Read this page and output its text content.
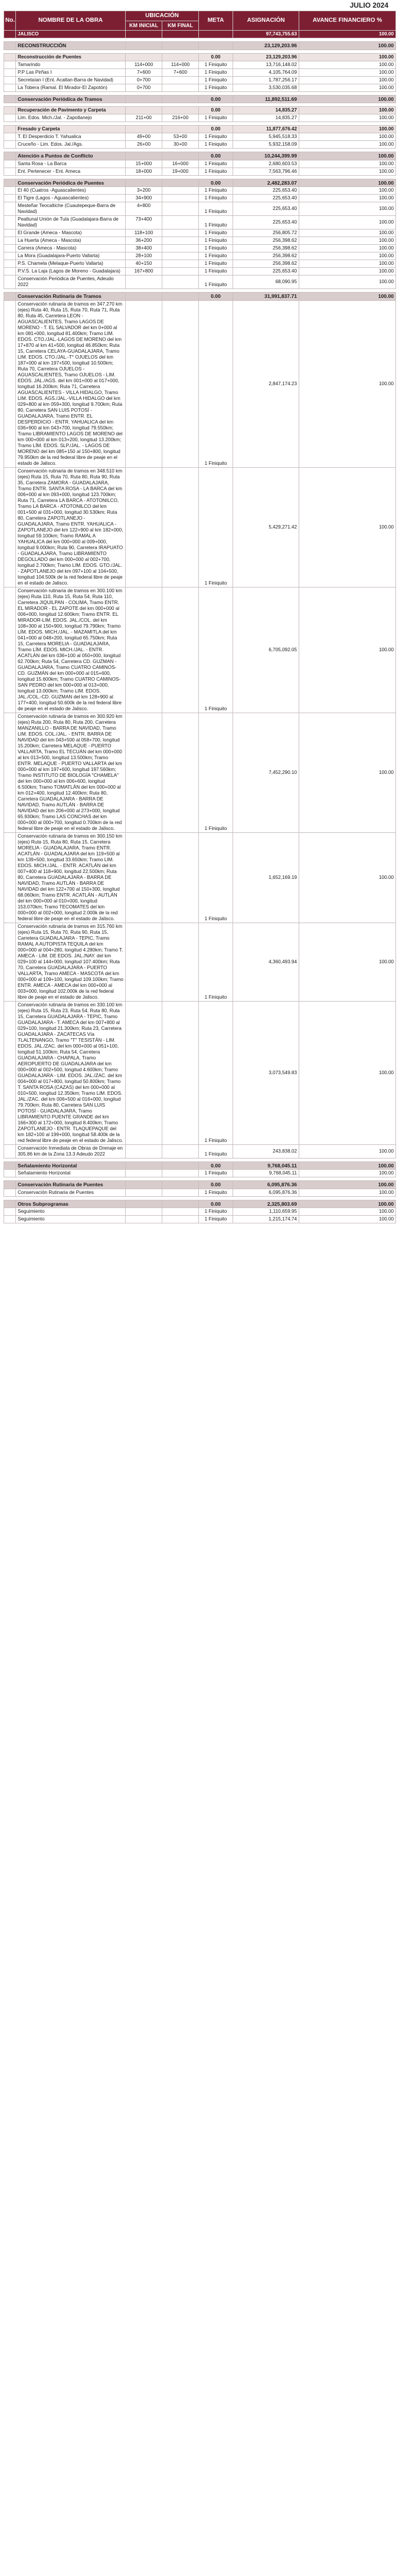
JULIO 2024
No.	NOMBRE DE LA OBRA	UBICACIÓN		META	ASIGNACIÓN	AVANCE FINANCIERO %
		KM INICIAL	KM FINAL			
	JALISCO				97,743,755.63	100.00

	RECONSTRUCCIÓN				23,129,203.96	100.00

	Reconstrucción de Puentes			0.00	23,129,203.96	100.00
	Tamarindo	114+000	114+000	1 Finiquito	13,716,148.02	100.00
	P.P Las Pirñas I	7+600	7+600	1 Finiquito	4,105,764.09	100.00
	Secretaían I (Ent. Acatlan-Barra de Navidad)	0+700		1 Finiquito	1,787,256.17	100.00
	La Tobera (Ramal. El Mirador-El Zapotón)	0+700		1 Finiquito	3,530,035.68	100.00

	Conservación Periódica de Tramos			0.00	11,892,511.69	100.00

	Recuperación de Pavimento y Carpeta			0.00	14,835.27	100.00
	Lim. Edos. Mich./Jal. - Zapotlanejo	211+00	216+00	1 Finiquito	14,835.27	100.00

	Fresado y Carpeta			0.00	11,877,676.42	100.00
	T. El Desperdicio T. Yahualica	49+00	53+00	1 Finiquito	5,945,518.33	100.00
	Cruceño - Lim. Edos. Jal./Ags.	26+00	30+00	1 Finiquito	5,932,158.09	100.00

	Atención a Puntos de Conflicto			0.00	10,244,399.99	100.00
	Santa Rosa - La Barca	15+000	16+000	1 Finiquito	2,680,603.53	100.00
	Ent. Pertenecer - Ent. Ameca	18+000	19+000	1 Finiquito	7,563,796.46	100.00

	Conservación Periódica de Puentes			0.00	2,482,283.07	100.00
	El 40 (Cuatros -Aguascalientes)	3+200		1 Finiquito	225,653.40	100.00
	El Tigre (Lagos - Aguascalientes)	34+900		1 Finiquito	225,653.40	100.00
	Mesteñar Teocaltiche (Cuautepeque-Barra de Navidad)	4+800		1 Finiquito	225,653.40	100.00
	Pealtunal Unión de Tula (Guadalajara-Barra de Navidad)	73+400		1 Finiquito	225,653.40	100.00
	El Grande (Ameca - Mascota)	118+100		1 Finiquito	256,805.72	100.00
	La Huerta (Ameca - Mascota)	36+200		1 Finiquito	256,398.62	100.00
	Carrera (Ameca - Mascota)	38+400		1 Finiquito	256,398.62	100.00
	La Mora (Guadalajara-Puerto Vallarta)	28+100		1 Finiquito	256,398.62	100.00
	P.S. Chamela (Melaque-Puerto Vallarta)	40+150		1 Finiquito	256,398.62	100.00
	P.V.S. La Laja (Lagos de Moreno - Guadalajara)	167+800		1 Finiquito	225,653.40	100.00
	Conservación Periódica de Puentes, Adeudo 2022			1 Finiquito	68,090.95	100.00

	Conservación Rutinaria de Tramos			0.00	31,991,837.71	100.00
	Conservación rutinaria de tramos en 347.270 km (ejes) Ruta 40, Ruta 15, Ruta 70, Ruta 71, Ruta 80, Ruta 45, Carretera LEON - AGUASCALIENTES, Tramo LAGOS DE MORENO - T. EL SALVADOR del km 0+000 al km 081+000, longitud 81.400km; Tramo LIM. EDOS. CTO./JAL.-LAGOS DE MORENO del km 17+870 al km 41+500, longitud 46.850km; Ruta 15, Carretera CELAYA-GUADALAJARA, Tramo LIM. EDOS. CTO./JAL.-T° OJUELOS del km 187+000 al km 197+500, longitud 10.500km; Ruta 70, Carretera OJUELOS - AGUASCALIENTES, Tramo OJUELOS - LIM. EDOS. JAL./AGS. del km 001+000 al 017+000, longitud 16.200km; Ruta 71, Carretera AGUASCALIENTES - VILLA HIDALGO, Tramo LIM. EDOS. AGS./JAL.-VILLA HIDALGO del km 029+800 al km 059+300, longitud 9.700km; Ruta 80, Carretera SAN LUIS POTOSÍ - GUADALAJARA, Tramo ENTR. EL DESPERDICIO - ENTR. YAHUALICA del km 036+900 al km 043+700, longitud 79.550km; Tramo LIBRAMIENTO LAGOS DE MORENO del km 000+000 al km 013+200, longitud 13.200km; Tramo LÍM. EDOS. SLP./JAL. - LAGOS DE MORENO del km 085+150 al 150+800, longitud 79.950km de la red federal libre de peaje en el estado de Jalisco.			1 Finiquito	2,847,174.23	100.00
	Conservación rutinaria de tramos en 348.510 km (ejes) Ruta 15, Ruta 70, Ruta 80, Ruta 90, Ruta 35, Carretera ZAMORA - GUADALAJARA, Tramo ENTR. SANTA ROSA - LA BARCA del km 006+000 al km 093+000, longitud 123.700km; Ruta 71, Carretera LA BARCA - ATOTONILCO, Tramo LA BARCA - ATOTONILCO del km 001+500 al 031+000, longitud 30.530km; Ruta 80, Carretera ZAPOTLANEJO - GUADALAJARA, Tramo ENTR. YAHUALICA - ZAPOTLANEJO del km 122+900 al km 182+000, longitud 59.100km; Tramo RAMAL A YAHUALICA del km 000+000 al 009+000, longitud 9.000km; Ruta 90, Carretera IRAPUATO - GUADALAJARA, Tramo LIBRAMIENTO DEGOLLADO del km 000+000 al 002+700, longitud 2.700km; Tramo LIM. EDOS. GTO./JAL. - ZAPOTLANEJO del km 097+100 al 104+500, longitud 104.500k de la red federal libre de peaje en el estado de Jalisco.			1 Finiquito	5,429,271.42	100.00
	Conservación rutinaria de tramos en 300.100 km (ejes) Ruta 110, Ruta 15, Ruta 54, Ruta 110, Carretera JIQUILPAN - COLIMA, Tramo ENTR. EL MIRADOR - EL ZAPOTE del km 000+000 al 006+000, longitud 12.600km; Tramo ENTR. EL MIRADOR-LIM. EDOS. JAL./COL. del km 108+300 al 150+900, longitud 79.790km; Tramo LÍM. EDOS. MICH./JAL. - MAZAMITLA del km 041+000 al 048+200, longitud 65.750km; Ruta 15, Carretera MORELIA - GUADALAJARA, Tramo LÍM. EDOS. MICH./JAL. - ENTR. ACATLÁN del km 036+100 al 050+000, longitud 62.700km; Ruta 54, Carretera CD. GUZMAN - GUADALAJARA, Tramo CUATRO CAMINOS-CD. GUZMÁN del km 000+000 al 015+600, longitud 15.600km; Tramo CUATRO CAMINOS-SAN PEDRO del km 000+000 al 013+000, longitud 13.000km; Tramo LIM. EDOS. JAL./COL.-CD. GUZMAN del km 128+900 al 177+400, longitud 50.600k de la red federal libre de peaje en el estado de Jalisco.			1 Finiquito	6,705,092.05	100.00
	Conservación rutinaria de tramos en 300.920 km (ejes) Ruta 200, Ruta 80, Ruta 200, Carretera MANZANILLO - BARRA DE NAVIDAD, Tramo LIM. EDOS. COL./JAL. - ENTR. BARRA DE NAVIDAD del km 043+500 al 058+700, longitud 15.200km; Carretera MELAQUE - PUERTO VALLARTA, Tramo EL TECUÁN del km 000+000 al km 013+500, longitud 13.500km; Tramo ENTR. MELAQUE - PUERTO VALLARTA del km 000+000 al km 197+600, longitud 197.560km; Tramo INSTITUTO DE BIOLOGÍA "CHAMELA" del km 000+000 al km 006+600, longitud 6.500km; Tramo TOMATLÁN del km 000+000 al km 012+400, longitud 12.400km; Ruta 80, Carretera GUADALAJARA - BARRA DE NAVIDAD, Tramo AUTLÁN - BARRA DE NAVIDAD del km 206+000 al 273+000, longitud 65.930km; Tramo LAS CONCHAS del km 000+000 al 000+700, longitud 0.700km de la red federal libre de peaje en el estado de Jalisco.			1 Finiquito	7,452,290.10	100.00
	Conservación rutinaria de tramos en 300.150 km (ejes) Ruta 15, Ruta 80, Ruta 15, Carretera MORELIA - GUADALAJARA, Tramo ENTR. ACATLÁN - GUADALAJARA del km 119+500 al km 139+500, longitud 33.650km; Tramo LIM. EDOS. MICH./JAL. - ENTR. ACATLÁN del km 007+400 al 118+900, longitud 22.500km; Ruta 80, Carretera GUADALAJARA - BARRA DE NAVIDAD, Tramo AUTLÁN - BARRA DE NAVIDAD del km 122+700 al 150+300, longitud 68.060km; Tramo ENTR. ACATLÁN - AUTLÁN del km 000+000 al 010+000, longitud 153.070km; Tramo TECOMATES del km 000+000 al 002+000, longitud 2.000k de la red federal libre de peaje en el estado de Jalisco.			1 Finiquito	1,652,169.19	100.00
	Conservación rutinaria de tramos en 315.760 km (ejes) Ruta 15, Ruta 70, Ruta 90, Ruta 15, Carretera GUADALAJARA - TEPIC, Tramo RAMAL A AUTOPISTA TEQUILA del km 000+000 al 004+280, longitud 4.280km; Tramo T. AMECA - LIM. DE EDOS. JAL./NAY. del km 029+100 al 144+000, longitud 107.400km; Ruta 70, Carretera GUADALAJARA - PUERTO VALLARTA, Tramo AMECA - MASCOTA del km 000+000 al 109+100, longitud 109.100km; Tramo ENTR. AMECA - AMECA del km 000+000 al 003+000, longitud 102.000k de la red federal libre de peaje en el estado de Jalisco.			1 Finiquito	4,360,493.94	100.00
	Conservación rutinaria de tramos en 330.100 km (ejes) Ruta 15, Ruta 23, Ruta 54, Ruta 80, Ruta 15, Carretera GUADALAJARA - TEPIC, Tramo GUADALAJARA - T. AMECA del km 007+800 al 029+100, longitud 21.300km; Ruta 23, Carretera GUADALAJARA - ZACATECAS Vía TLALTENANGO, Tramo "T" TESISTÁN - LIM. EDOS. JAL./ZAC. del km 000+000 al 051+100, longitud 51.100km; Ruta 54, Carretera GUADALAJARA - CHAPALA, Tramo AEROPUERTO DE GUADALAJARA del km 000+000 al 002+500, longitud 4.600km; Tramo GUADALAJARA - LIM. EDOS. JAL./ZAC. del km 004+000 al 017+800, longitud 50.800km; Tramo T. SANTA ROSA (CAZAS) del km 000+000 al 010+500, longitud 12.350km; Tramo LIM. EDOS. JAL./ZAC. del km 006+500 al 016+000, longitud 79.700km; Ruta 80, Carretera SAN LUIS POTOSÍ - GUADALAJARA, Tramo LIBRAMIENTO PUENTE GRANDE del km 166+300 al 172+000, longitud 8.400km; Tramo ZAPOTLANEJO - ENTR. TLAQUEPAQUE del km 182+100 al 199+000, longitud 58.400k de la red federal libre de peaje en el estado de Jalisco.			1 Finiquito	3,073,549.83	100.00
	Conservación Inmediata de Obras de Drenaje en 305.86 km de la Zona 13.3 Adeudo 2022			1 Finiquito	243,838.02	100.00

	Señalamiento Horizontal			0.00	9,768,045.11	100.00
	Señalamiento Horizontal			1 Finiquito	9,768,045.11	100.00

	Conservación Rutinaria de Puentes			0.00	6,095,876.36	100.00
	Conservación Rutinaria de Puentes			1 Finiquito	6,095,876.36	100.00

	Otros Subprogramas			0.00	2,325,803.69	100.00
	Seguimiento			1 Finiquito	1,110,659.95	100.00
	Seguimiento			1 Finiquito	1,215,174.74	100.00
